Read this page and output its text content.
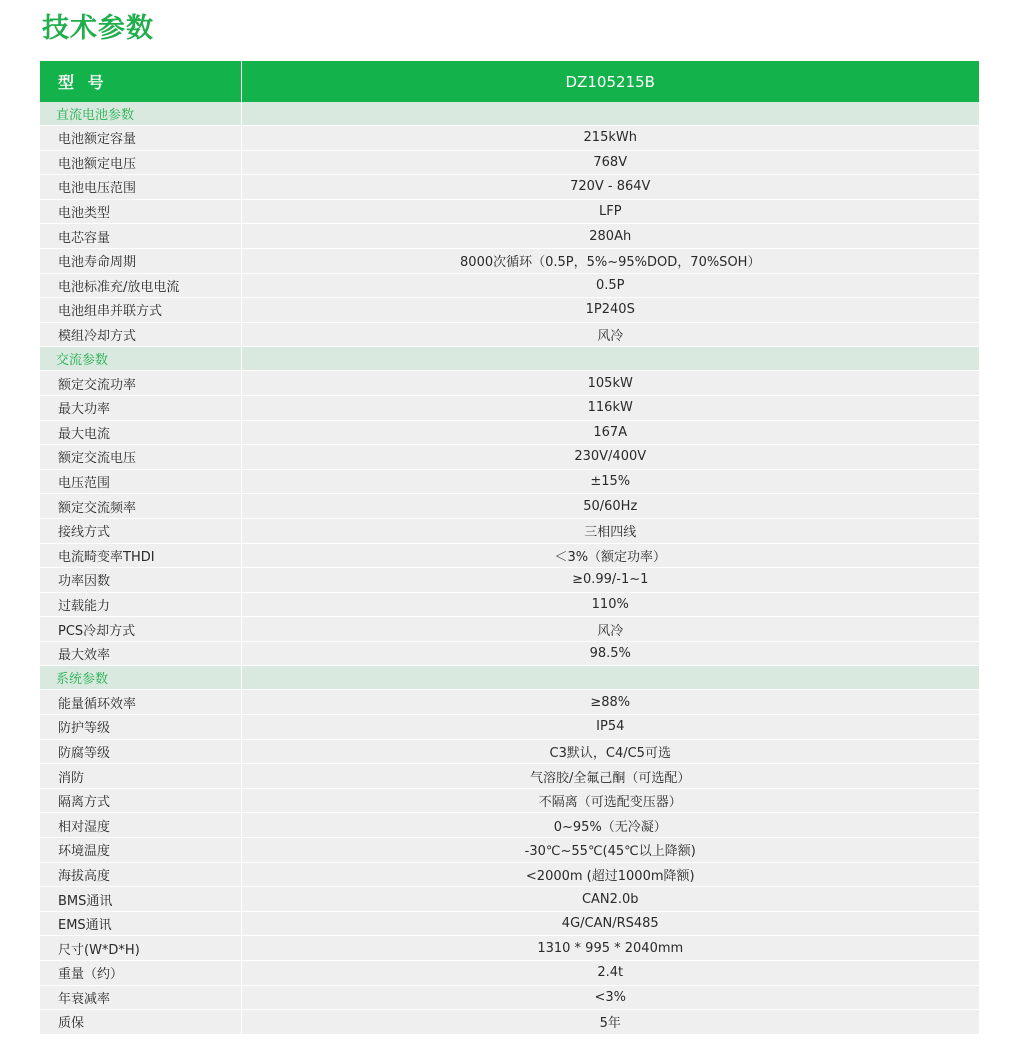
技术参数
型 号	DZ105215B
直流电池参数	
电池额定容量	215kWh
电池额定电压	768V
电池电压范围	720V - 864V
电池类型	LFP
电芯容量	280Ah
电池寿命周期	8000次循环（0.5P，5%~95%DOD，70%SOH）
电池标准充/放电电流	0.5P
电池组串并联方式	1P240S
模组冷却方式	风冷
交流参数	
额定交流功率	105kW
最大功率	116kW
最大电流	167A
额定交流电压	230V/400V
电压范围	±15%
额定交流频率	50/60Hz
接线方式	三相四线
电流畸变率THDI	＜3%（额定功率）
功率因数	≥0.99/-1~1
过载能力	110%
PCS冷却方式	风冷
最大效率	98.5%
系统参数	
能量循环效率	≥88%
防护等级	IP54
防腐等级	C3默认，C4/C5可选
消防	气溶胶/全氟己酮（可选配）
隔离方式	不隔离（可选配变压器）
相对湿度	0~95%（无冷凝）
环境温度	-30℃~55℃(45℃以上降额)
海拔高度	<2000m (超过1000m降额)
BMS通讯	CAN2.0b
EMS通讯	4G/CAN/RS485
尺寸(W*D*H)	1310 * 995 * 2040mm
重量（约）	2.4t
年衰减率	<3%
质保	5年
